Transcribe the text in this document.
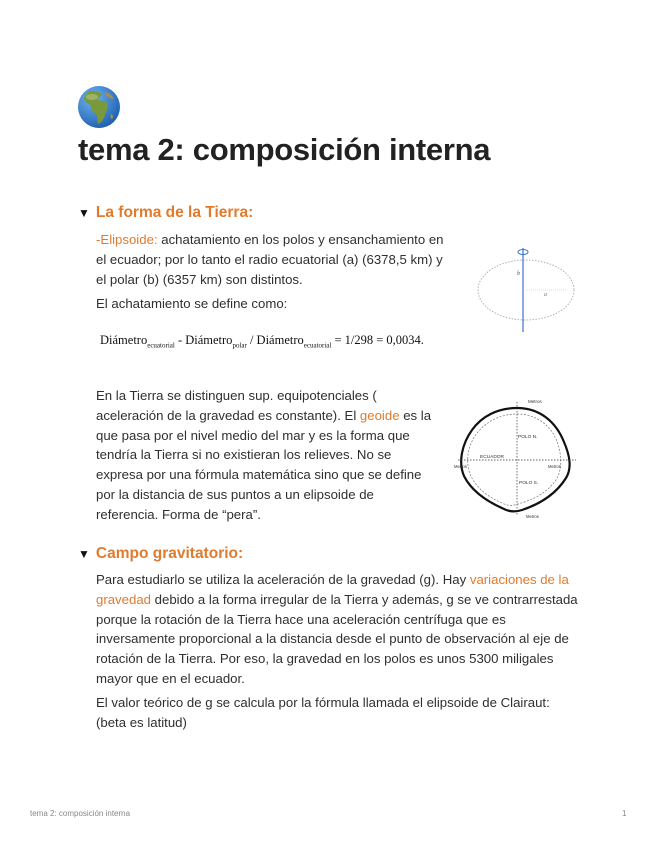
tema 2: composición interna
▼ La forma de la Tierra:

-Elipsoide: achatamiento en los polos y ensanchamiento en el ecuador; por lo tanto el radio ecuatorial (a) (6378,5 km) y el polar (b) (6357 km) son distintos.

El achatamiento se define como:

Diámetro$_{ecuatorial}$ - Diámetro$_{polar}$ / Diámetro$_{ecuatorial}$ = 1/298 = 0,0034.
b
a

En la Tierra se distinguen sup. equipotenciales ( aceleración de la gravedad es constante). El geoide es la que pasa por el nivel medio del mar y es la forma que tendría la Tierra si no existieran los relieves. No se expresa por una fórmula matemática sino que se define por la distancia de sus puntos a un elipsoide de referencia. Forma de “pera”.

Metros
POLO N.
ECUADOR
POLO S.
Metros	Metros
Metros
▼ Campo gravitatorio:

Para estudiarlo se utiliza la aceleración de la gravedad (g). Hay variaciones de la gravedad debido a la forma irregular de la Tierra y además, g se ve contrarrestada porque la rotación de la Tierra hace una aceleración centrífuga que es inversamente proporcional a la distancia desde el punto de observación al eje de rotación de la Tierra. Por eso, la gravedad en los polos es unos 5300 miligales mayor que en el ecuador.

El valor teórico de g se calcula por la fórmula llamada el elipsoide de Clairaut: (beta es latitud)

tema 2: composición interna	1
